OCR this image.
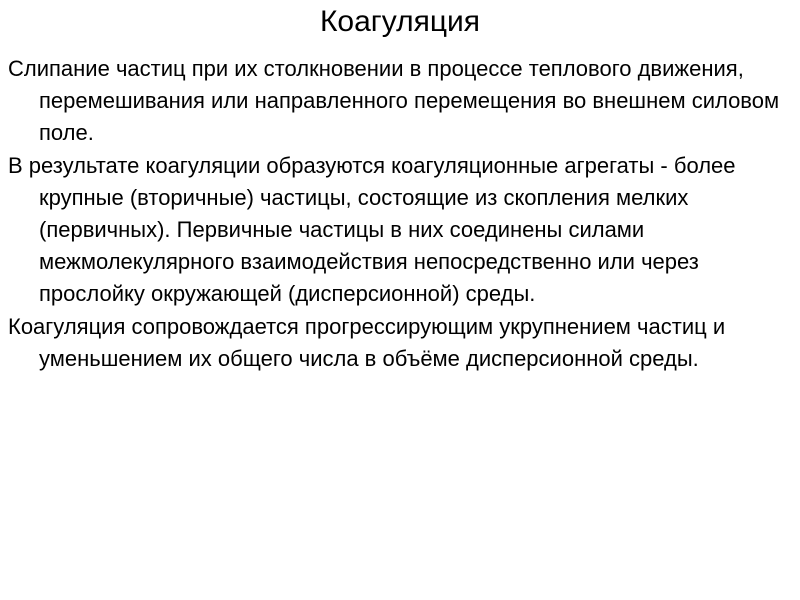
Коагуляция
Слипание частиц при их столкновении в процессе теплового движения, перемешивания или направленного перемещения во внешнем силовом поле.
В результате коагуляции образуются коагуляционные агрегаты - более крупные (вторичные) частицы, состоящие из скопления мелких (первичных). Первичные частицы в них соединены силами межмолекулярного взаимодействия непосредственно или через прослойку окружающей (дисперсионной) среды.
Коагуляция сопровождается прогрессирующим укрупнением частиц и уменьшением их общего числа в объёме дисперсионной среды.
